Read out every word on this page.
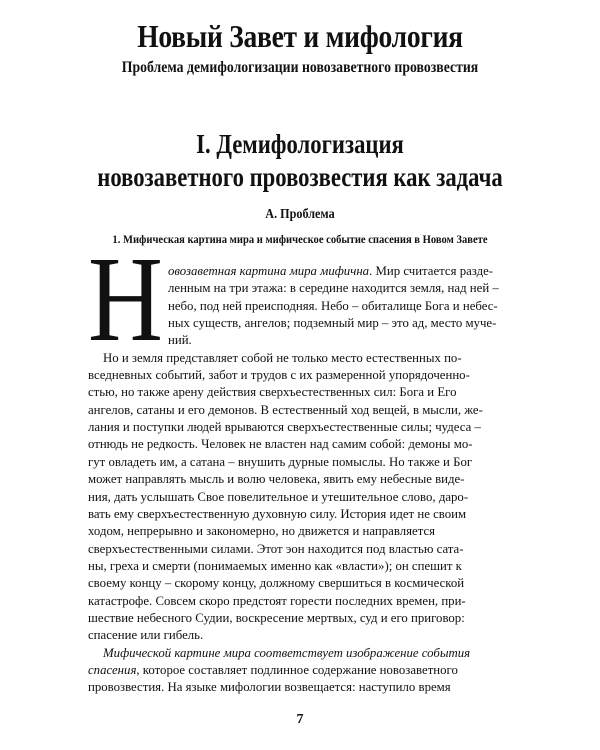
Новый Завет и мифология
Проблема демифологизации новозаветного провозвестия
I. Демифологизация
новозаветного провозвестия как задача
А. Проблема
1. Мифическая картина мира и мифическое событие спасения в Новом Завете
Н овозаветная картина мира мифична. Мир считается разде-
ленным на три этажа: в середине находится земля, над ней –
небо, под ней преисподняя. Небо – обиталище Бога и небес-
ных существ, ангелов; подземный мир – это ад, место мучe-
ний.
Но и земля представляет собой не только место естественных по-
вседневных событий, забот и трудов с их размеренной упорядоченно-
стью, но также арену действия сверхъестественных сил: Бога и Его
ангелов, сатаны и его демонов. В естественный ход вещей, в мысли, же-
лания и поступки людей врываются сверхъестественные силы; чудеса –
отнюдь не редкость. Человек не властен над самим собой: демоны мо-
гут овладеть им, а сатана – внушить дурные помыслы. Но также и Бог
может направлять мысль и волю человека, явить ему небесные виде-
ния, дать услышать Свое повелительное и утешительное слово, даро-
вать ему сверхъестественную духовную силу. История идет не своим
ходом, непрерывно и закономерно, но движется и направляется
сверхъестественными силами. Этот эон находится под властью сата-
ны, греха и смерти (понимаемых именно как «власти»); он спешит к
своему концу – скорому концу, должному свершиться в космической
катастрофе. Совсем скоро предстоят горести последних времен, при-
шествие небесного Судии, воскресение мертвых, суд и его приговор:
спасение или гибель.
Мифической картине мира соответствует изображение события
спасения, которое составляет подлинное содержание новозаветного
провозвестия. На языке мифологии возвещается: наступило время
7
